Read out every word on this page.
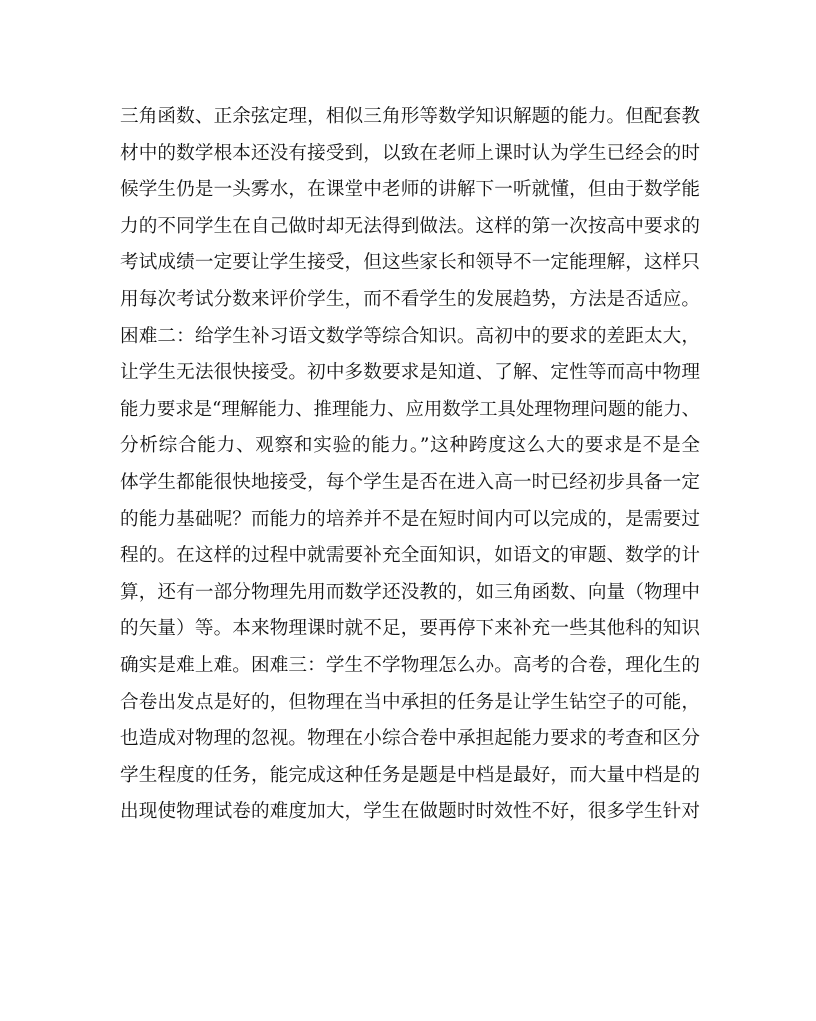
三角函数、正余弦定理，相似三角形等数学知识解题的能力。但配套教
材中的数学根本还没有接受到，以致在老师上课时认为学生已经会的时
候学生仍是一头雾水，在课堂中老师的讲解下一听就懂，但由于数学能
力的不同学生在自己做时却无法得到做法。这样的第一次按高中要求的
考试成绩一定要让学生接受，但这些家长和领导不一定能理解，这样只
用每次考试分数来评价学生，而不看学生的发展趋势，方法是否适应。
困难二：给学生补习语文数学等综合知识。高初中的要求的差距太大，
让学生无法很快接受。初中多数要求是知道、了解、定性等而高中物理
能力要求是“理解能力、推理能力、应用数学工具处理物理问题的能力、
分析综合能力、观察和实验的能力。”这种跨度这么大的要求是不是全
体学生都能很快地接受，每个学生是否在进入高一时已经初步具备一定
的能力基础呢？而能力的培养并不是在短时间内可以完成的，是需要过
程的。在这样的过程中就需要补充全面知识，如语文的审题、数学的计
算，还有一部分物理先用而数学还没教的，如三角函数、向量（物理中
的矢量）等。本来物理课时就不足，要再停下来补充一些其他科的知识
确实是难上难。困难三：学生不学物理怎么办。高考的合卷，理化生的
合卷出发点是好的，但物理在当中承担的任务是让学生钻空子的可能，
也造成对物理的忽视。物理在小综合卷中承担起能力要求的考查和区分
学生程度的任务，能完成这种任务是题是中档是最好，而大量中档是的
出现使物理试卷的难度加大，学生在做题时时效性不好，很多学生针对
